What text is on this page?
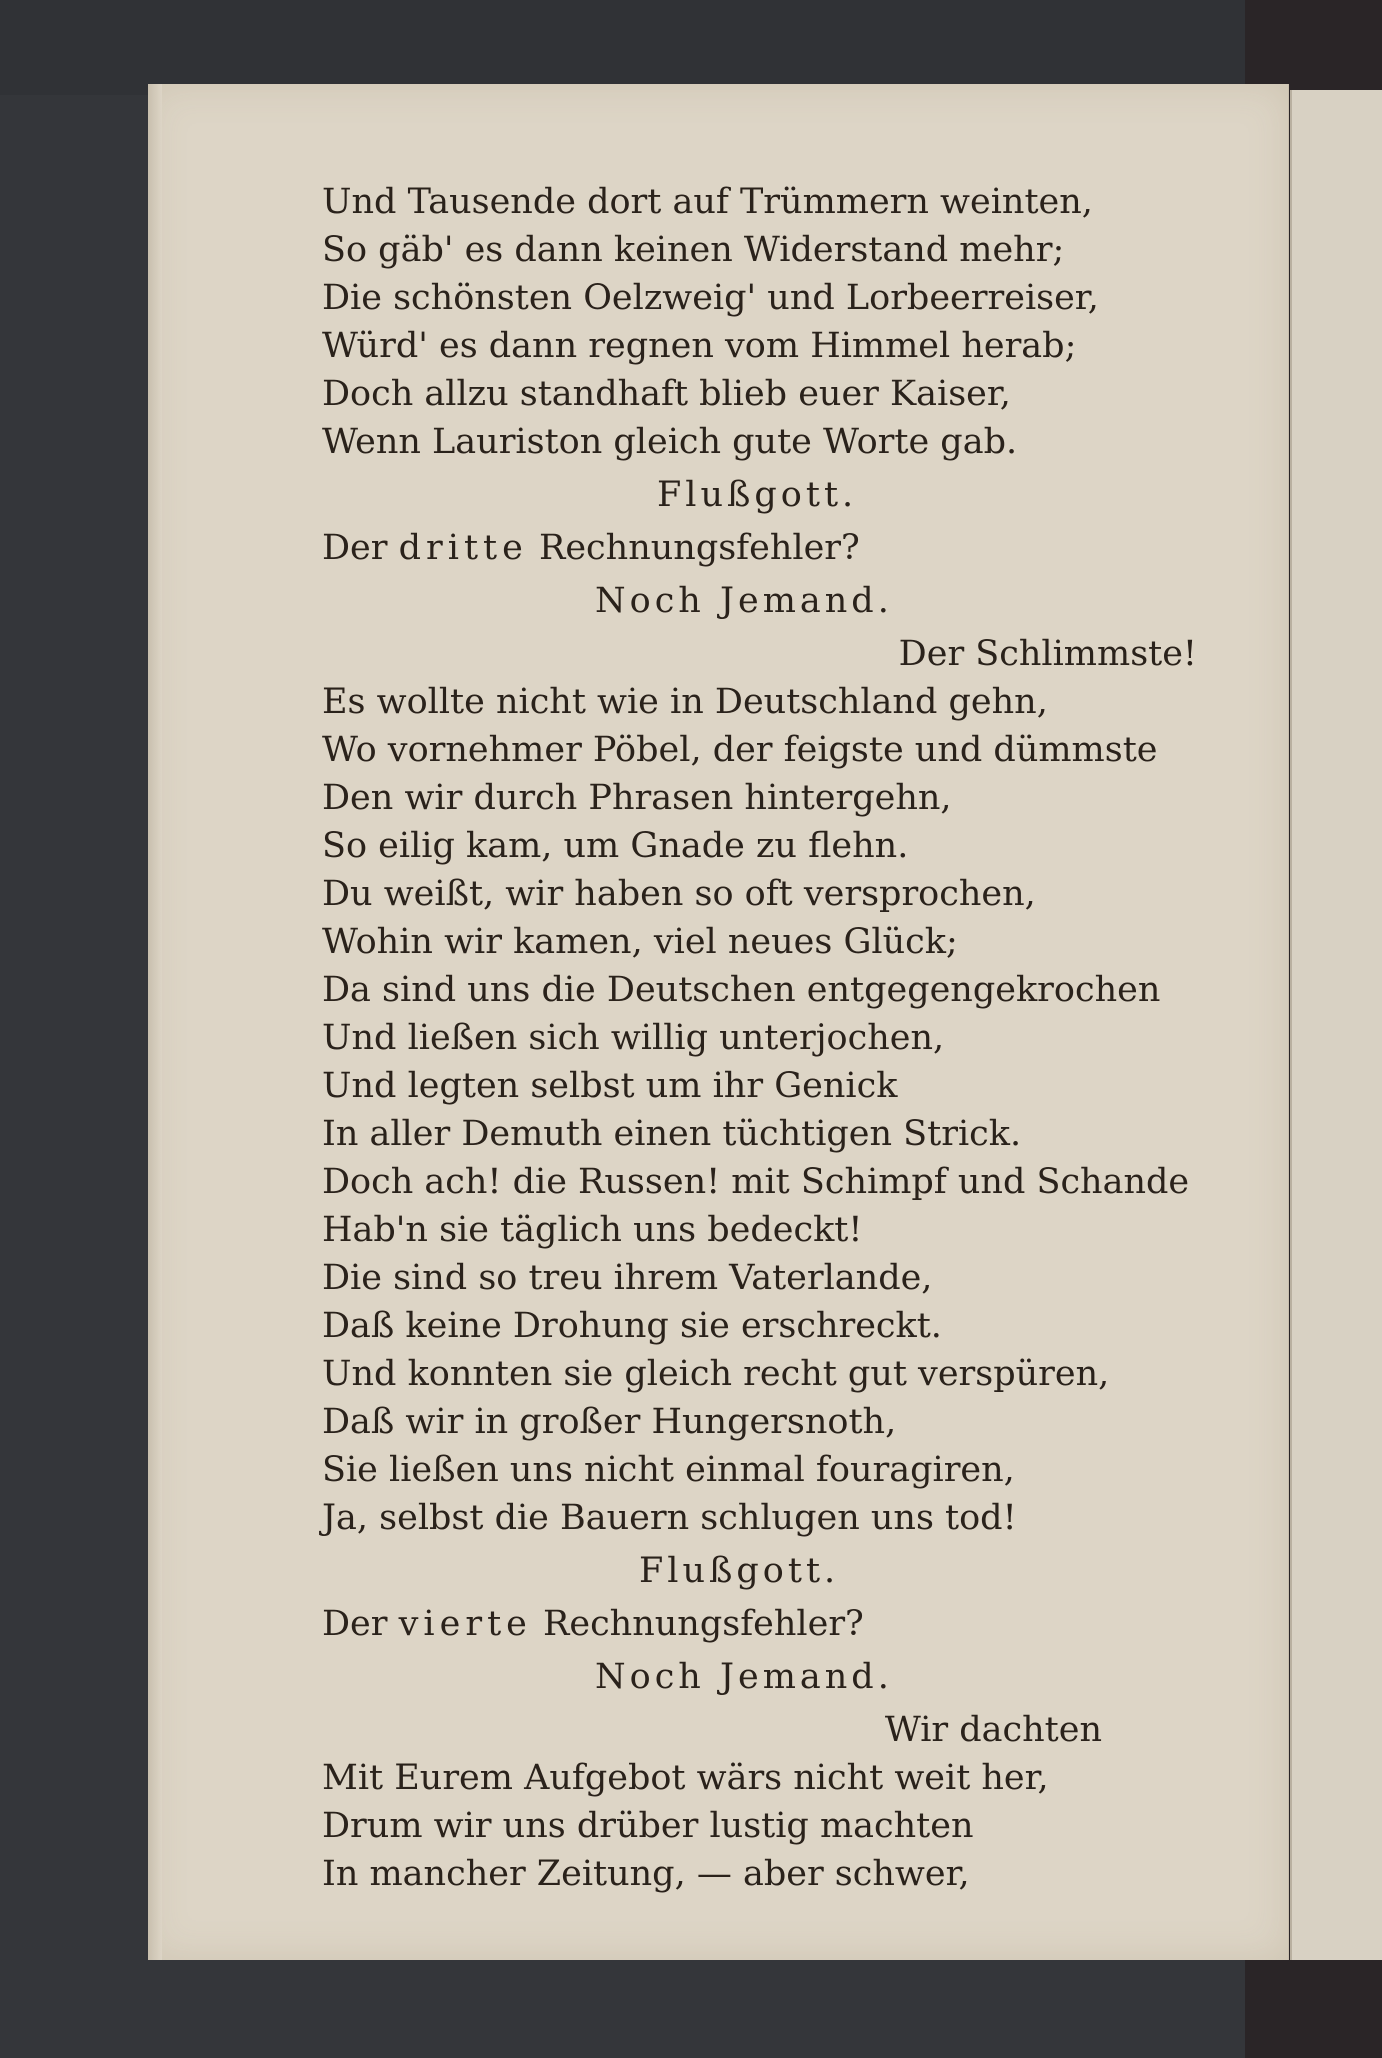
Und Tausende dort auf Trümmern weinten,
So gäb' es dann keinen Widerstand mehr;
Die schönsten Oelzweig' und Lorbeerreiser,
Würd' es dann regnen vom Himmel herab;
Doch allzu standhaft blieb euer Kaiser,
Wenn Lauriston gleich gute Worte gab.
Flußgott.
Der dritte Rechnungsfehler?
Noch Jemand.
Der Schlimmste!
Es wollte nicht wie in Deutschland gehn,
Wo vornehmer Pöbel, der feigste und dümmste
Den wir durch Phrasen hintergehn,
So eilig kam, um Gnade zu flehn.
Du weißt, wir haben so oft versprochen,
Wohin wir kamen, viel neues Glück;
Da sind uns die Deutschen entgegengekrochen
Und ließen sich willig unterjochen,
Und legten selbst um ihr Genick
In aller Demuth einen tüchtigen Strick.
Doch ach! die Russen! mit Schimpf und Schande
Hab'n sie täglich uns bedeckt!
Die sind so treu ihrem Vaterlande,
Daß keine Drohung sie erschreckt.
Und konnten sie gleich recht gut verspüren,
Daß wir in großer Hungersnoth,
Sie ließen uns nicht einmal fouragiren,
Ja, selbst die Bauern schlugen uns tod!
Flußgott.
Der vierte Rechnungsfehler?
Noch Jemand.
Wir dachten
Mit Eurem Aufgebot wärs nicht weit her,
Drum wir uns drüber lustig machten
In mancher Zeitung, — aber schwer,
